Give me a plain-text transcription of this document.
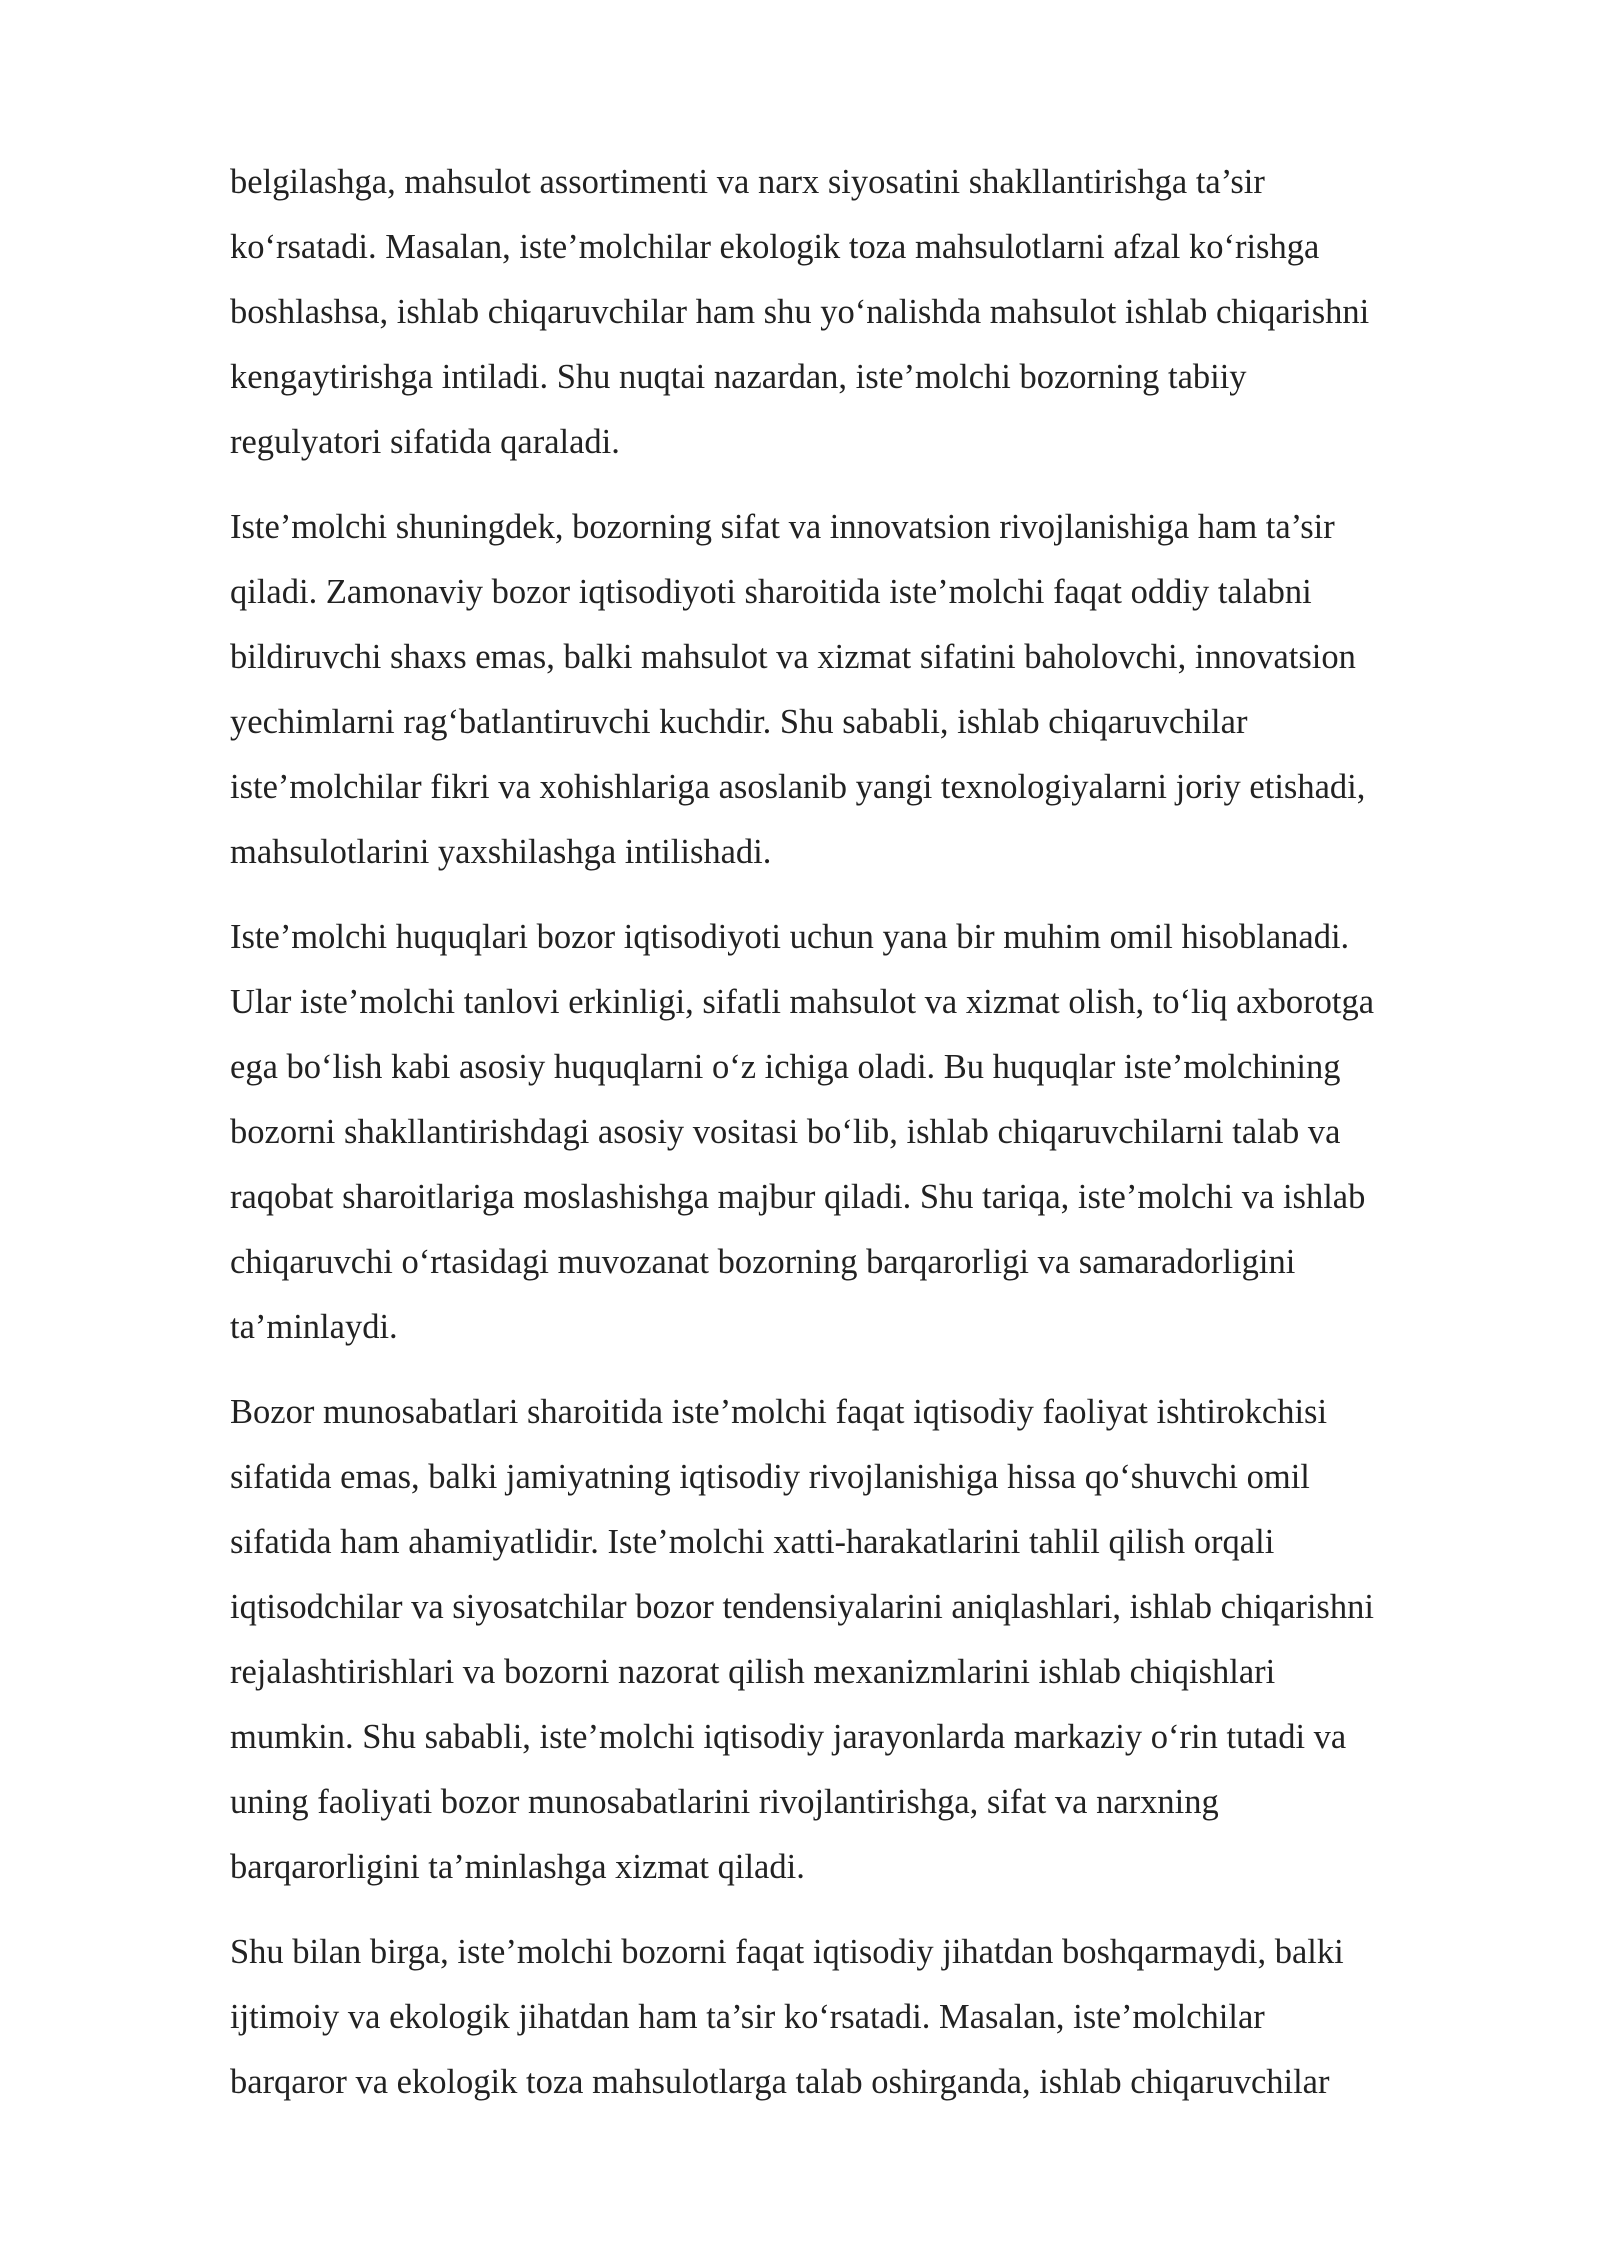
belgilashga, mahsulot assortimenti va narx siyosatini shakllantirishga ta’sir
ko‘rsatadi. Masalan, iste’molchilar ekologik toza mahsulotlarni afzal ko‘rishga
boshlashsa, ishlab chiqaruvchilar ham shu yo‘nalishda mahsulot ishlab chiqarishni
kengaytirishga intiladi. Shu nuqtai nazardan, iste’molchi bozorning tabiiy
regulyatori sifatida qaraladi.

Iste’molchi shuningdek, bozorning sifat va innovatsion rivojlanishiga ham ta’sir
qiladi. Zamonaviy bozor iqtisodiyoti sharoitida iste’molchi faqat oddiy talabni
bildiruvchi shaxs emas, balki mahsulot va xizmat sifatini baholovchi, innovatsion
yechimlarni rag‘batlantiruvchi kuchdir. Shu sababli, ishlab chiqaruvchilar
iste’molchilar fikri va xohishlariga asoslanib yangi texnologiyalarni joriy etishadi,
mahsulotlarini yaxshilashga intilishadi.

Iste’molchi huquqlari bozor iqtisodiyoti uchun yana bir muhim omil hisoblanadi.
Ular iste’molchi tanlovi erkinligi, sifatli mahsulot va xizmat olish, to‘liq axborotga
ega bo‘lish kabi asosiy huquqlarni o‘z ichiga oladi. Bu huquqlar iste’molchining
bozorni shakllantirishdagi asosiy vositasi bo‘lib, ishlab chiqaruvchilarni talab va
raqobat sharoitlariga moslashishga majbur qiladi. Shu tariqa, iste’molchi va ishlab
chiqaruvchi o‘rtasidagi muvozanat bozorning barqarorligi va samaradorligini
ta’minlaydi.

Bozor munosabatlari sharoitida iste’molchi faqat iqtisodiy faoliyat ishtirokchisi
sifatida emas, balki jamiyatning iqtisodiy rivojlanishiga hissa qo‘shuvchi omil
sifatida ham ahamiyatlidir. Iste’molchi xatti-harakatlarini tahlil qilish orqali
iqtisodchilar va siyosatchilar bozor tendensiyalarini aniqlashlari, ishlab chiqarishni
rejalashtirishlari va bozorni nazorat qilish mexanizmlarini ishlab chiqishlari
mumkin. Shu sababli, iste’molchi iqtisodiy jarayonlarda markaziy o‘rin tutadi va
uning faoliyati bozor munosabatlarini rivojlantirishga, sifat va narxning
barqarorligini ta’minlashga xizmat qiladi.

Shu bilan birga, iste’molchi bozorni faqat iqtisodiy jihatdan boshqarmaydi, balki
ijtimoiy va ekologik jihatdan ham ta’sir ko‘rsatadi. Masalan, iste’molchilar
barqaror va ekologik toza mahsulotlarga talab oshirganda, ishlab chiqaruvchilar
